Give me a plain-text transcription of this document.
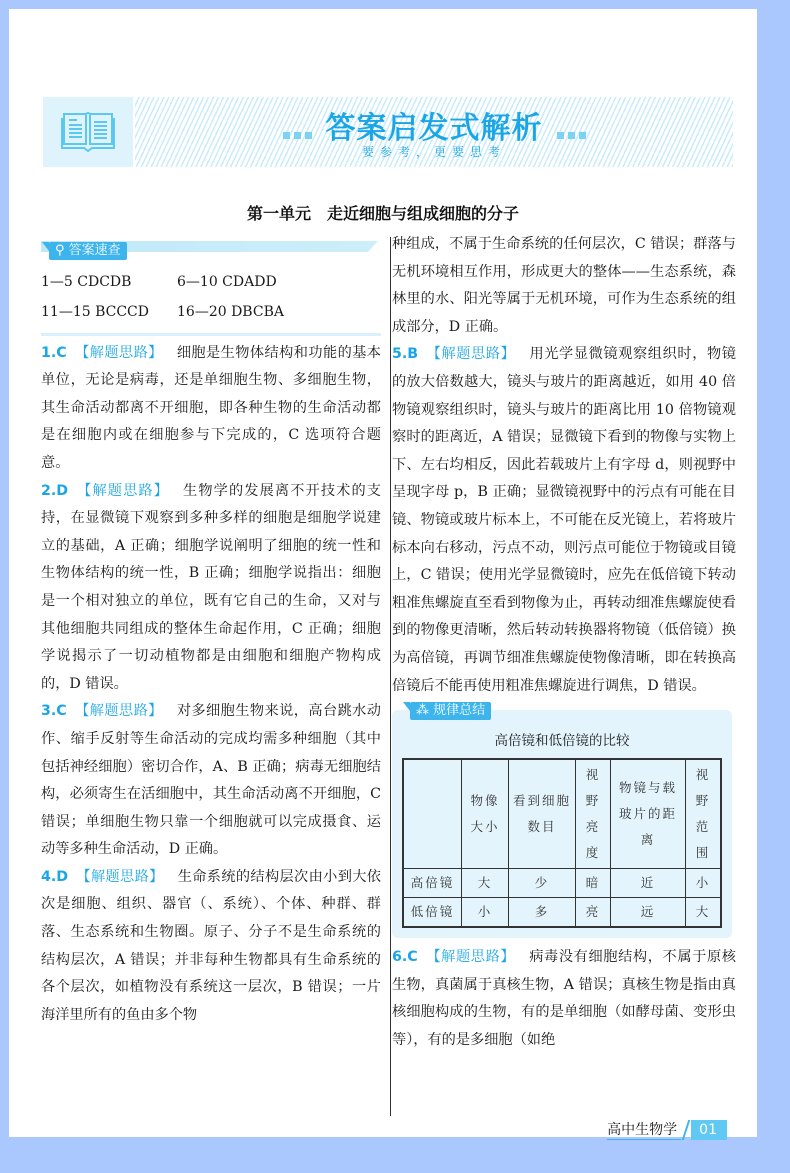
答案启发式解析
要参考，更要思考
第一单元 走近细胞与组成细胞的分子
⚲ 答案速查
1—5 CDCDB	6—10 CDADD
11—15 BCCCD 16—20 DBCBA

1.C 【解题思路】 细胞是生物体结构和功能的基本单位，无论是病毒，还是单细胞生物、多细胞生物，其生命活动都离不开细胞，即各种生物的生命活动都是在细胞内或在细胞参与下完成的，C 选项符合题意。

2.D 【解题思路】 生物学的发展离不开技术的支持，在显微镜下观察到多种多样的细胞是细胞学说建立的基础，A 正确；细胞学说阐明了细胞的统一性和生物体结构的统一性，B 正确；细胞学说指出：细胞是一个相对独立的单位，既有它自己的生命，又对与其他细胞共同组成的整体生命起作用，C 正确；细胞学说揭示了一切动植物都是由细胞和细胞产物构成的，D 错误。

3.C 【解题思路】 对多细胞生物来说，高台跳水动作、缩手反射等生命活动的完成均需多种细胞（其中包括神经细胞）密切合作，A、B 正确；病毒无细胞结构，必须寄生在活细胞中，其生命活动离不开细胞，C 错误；单细胞生物只靠一个细胞就可以完成摄食、运动等多种生命活动，D 正确。

4.D 【解题思路】 生命系统的结构层次由小到大依次是细胞、组织、器官（、系统）、个体、种群、群落、生态系统和生物圈。原子、分子不是生命系统的结构层次，A 错误；并非每种生物都具有生命系统的各个层次，如植物没有系统这一层次，B 错误；一片海洋里所有的鱼由多个物

种组成，不属于生命系统的任何层次，C 错误；群落与无机环境相互作用，形成更大的整体——生态系统，森林里的水、阳光等属于无机环境，可作为生态系统的组成部分，D 正确。

5.B 【解题思路】 用光学显微镜观察组织时，物镜的放大倍数越大，镜头与玻片的距离越近，如用 40 倍物镜观察组织时，镜头与玻片的距离比用 10 倍物镜观察时的距离近，A 错误；显微镜下看到的物像与实物上下、左右均相反，因此若载玻片上有字母 d，则视野中呈现字母 p，B 正确；显微镜视野中的污点有可能在目镜、物镜或玻片标本上，不可能在反光镜上，若将玻片标本向右移动，污点不动，则污点可能位于物镜或目镜上，C 错误；使用光学显微镜时，应先在低倍镜下转动粗准焦螺旋直至看到物像为止，再转动细准焦螺旋使看到的物像更清晰，然后转动转换器将物镜（低倍镜）换为高倍镜，再调节细准焦螺旋使物像清晰，即在转换高倍镜后不能再使用粗准焦螺旋进行调焦，D 错误。

⁂ 规律总结
高倍镜和低倍镜的比较
	物像大小	看到细胞数目	视野亮度	物镜与载玻片的距离	视野范围
高倍镜	大	少	暗	近	小
低倍镜	小	多	亮	远	大

6.C 【解题思路】 病毒没有细胞结构，不属于原核生物，真菌属于真核生物，A 错误；真核生物是指由真核细胞构成的生物，有的是单细胞（如酵母菌、变形虫等），有的是多细胞（如绝

高中生物学	01
